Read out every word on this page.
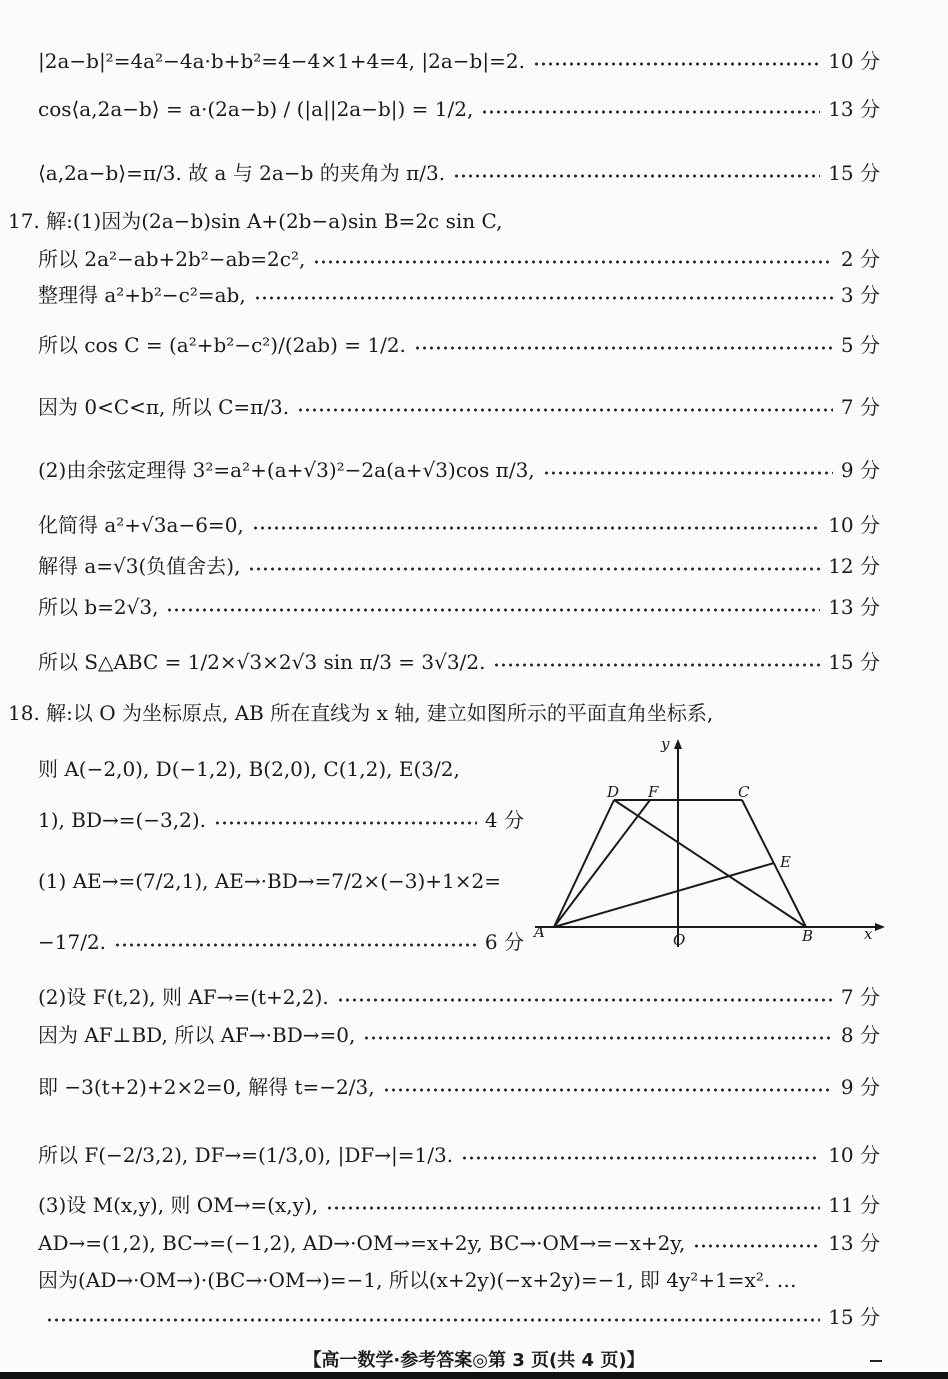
|2a−b|²=4a²−4a·b+b²=4−4×1+4=4, |2a−b|=2.	10 分
cos⟨a,2a−b⟩ = a·(2a−b) / (|a||2a−b|) = 1/2,	13 分
⟨a,2a−b⟩=π/3. 故 a 与 2a−b 的夹角为 π/3.	15 分
17. 解:(1)因为(2a−b)sin A+(2b−a)sin B=2c sin C,
所以 2a²−ab+2b²−ab=2c²,	2 分
整理得 a²+b²−c²=ab,	3 分
所以 cos C = (a²+b²−c²)/(2ab) = 1/2.	5 分
因为 0<C<π, 所以 C=π/3.	7 分
(2)由余弦定理得 3²=a²+(a+√3)²−2a(a+√3)cos π/3,	9 分
化简得 a²+√3a−6=0,	10 分
解得 a=√3(负值舍去),	12 分
所以 b=2√3,	13 分
所以 S△ABC = 1/2×√3×2√3 sin π/3 = 3√3/2.	15 分
18. 解:以 O 为坐标原点, AB 所在直线为 x 轴, 建立如图所示的平面直角坐标系,
则 A(−2,0), D(−1,2), B(2,0), C(1,2), E(3/2,
1), BD→=(−3,2).	4 分
(1) AE→=(7/2,1), AE→·BD→=7/2×(−3)+1×2=
−17/2.	6 分 A	O	B
C
D F
E
x
y
(2)设 F(t,2), 则 AF→=(t+2,2).	7 分
因为 AF⊥BD, 所以 AF→·BD→=0,	8 分
即 −3(t+2)+2×2=0, 解得 t=−2/3,	9 分
所以 F(−2/3,2), DF→=(1/3,0), |DF→|=1/3.	10 分
(3)设 M(x,y), 则 OM→=(x,y),	11 分
AD→=(1,2), BC→=(−1,2), AD→·OM→=x+2y, BC→·OM→=−x+2y,	13 分
因为(AD→·OM→)·(BC→·OM→)=−1, 所以(x+2y)(−x+2y)=−1, 即 4y²+1=x². …
15 分
【高一数学·参考答案◎第 3 页(共 4 页)】
